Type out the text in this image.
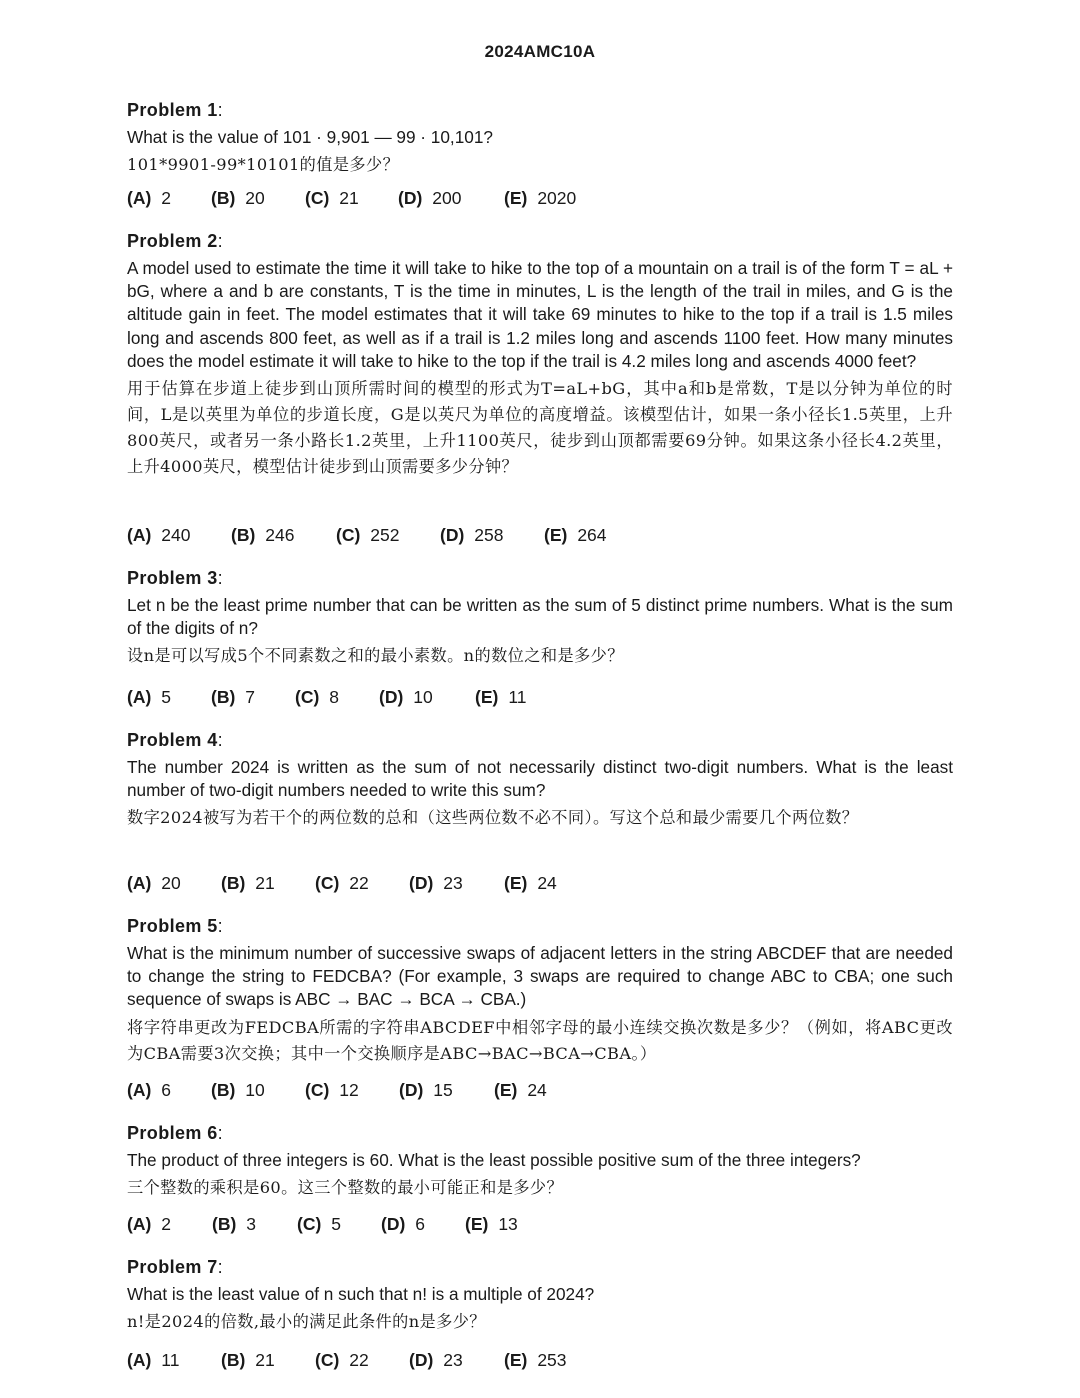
2024AMC10A
Problem 1:
What is the value of 101 · 9,901 — 99 · 10,101?
101*9901-99*10101的值是多少？
(A) 2	(B) 20	(C) 21	(D) 200	(E) 2020
Problem 2:
A model used to estimate the time it will take to hike to the top of a mountain on a trail is of the form T = aL + bG, where a and b are constants, T is the time in minutes, L is the length of the trail in miles, and G is the altitude gain in feet. The model estimates that it will take 69 minutes to hike to the top if a trail is 1.5 miles long and ascends 800 feet, as well as if a trail is 1.2 miles long and ascends 1100 feet. How many minutes does the model estimate it will take to hike to the top if the trail is 4.2 miles long and ascends 4000 feet?
用于估算在步道上徒步到山顶所需时间的模型的形式为T=aL+bG，其中a和b是常数，T是以分钟为单位的时间，L是以英里为单位的步道长度，G是以英尺为单位的高度增益。该模型估计，如果一条小径长1.5英里，上升800英尺，或者另一条小路长1.2英里，上升1100英尺，徒步到山顶都需要69分钟。如果这条小径长4.2英里，上升4000英尺，模型估计徒步到山顶需要多少分钟？
(A) 240	(B) 246	(C) 252	(D) 258	(E) 264
Problem 3:
Let n be the least prime number that can be written as the sum of 5 distinct prime numbers. What is the sum of the digits of n?
设n是可以写成5个不同素数之和的最小素数。n的数位之和是多少？
(A) 5	(B) 7	(C) 8	(D) 10	(E) 11
Problem 4:
The number 2024 is written as the sum of not necessarily distinct two-digit numbers. What is the least number of two-digit numbers needed to write this sum?
数字2024被写为若干个的两位数的总和（这些两位数不必不同）。写这个总和最少需要几个两位数？
(A) 20	(B) 21	(C) 22	(D) 23	(E) 24
Problem 5:
What is the minimum number of successive swaps of adjacent letters in the string ABCDEF that are needed to change the string to FEDCBA? (For example, 3 swaps are required to change ABC to CBA; one such sequence of swaps is ABC → BAC → BCA → CBA.)
将字符串更改为FEDCBA所需的字符串ABCDEF中相邻字母的最小连续交换次数是多少？（例如，将ABC更改为CBA需要3次交换；其中一个交换顺序是ABC→BAC→BCA→CBA。）
(A) 6	(B) 10	(C) 12	(D) 15	(E) 24
Problem 6:
The product of three integers is 60. What is the least possible positive sum of the three integers?
三个整数的乘积是60。这三个整数的最小可能正和是多少？
(A) 2	(B) 3	(C) 5	(D) 6	(E) 13
Problem 7:
What is the least value of n such that n! is a multiple of 2024?
n!是2024的倍数,最小的满足此条件的n是多少？
(A) 11	(B) 21	(C) 22	(D) 23	(E) 253
